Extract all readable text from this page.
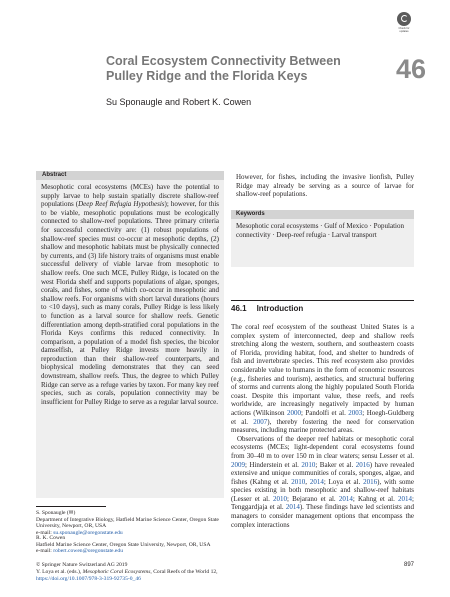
Check for
updates
46
Coral Ecosystem Connectivity Between Pulley Ridge and the Florida Keys
Su Sponaugle and Robert K. Cowen
Abstract

Mesophotic coral ecosystems (MCEs) have the potential to supply larvae to help sustain spatially discrete shallow-reef populations (Deep Reef Refugia Hypothesis); however, for this to be viable, mesophotic populations must be ecologically connected to shallow-reef populations. Three primary criteria for successful connectivity are: (1) robust populations of shallow-reef species must co-occur at mesophotic depths, (2) shallow and mesophotic habitats must be physically connected by currents, and (3) life history traits of organisms must enable successful delivery of viable larvae from mesophotic to shallow reefs. One such MCE, Pulley Ridge, is located on the west Florida shelf and supports populations of algae, sponges, corals, and fishes, some of which co-occur in mesophotic and shallow reefs. For organisms with short larval durations (hours to <10 days), such as many corals, Pulley Ridge is less likely to function as a larval source for shallow reefs. Genetic differentiation among depth-stratified coral populations in the Florida Keys confirms this reduced connectivity. In comparison, a population of a model fish species, the bicolor damselfish, at Pulley Ridge invests more heavily in reproduction than their shallow-reef counterparts, and biophysical modeling demonstrates that they can seed downstream, shallow reefs. Thus, the degree to which Pulley Ridge can serve as a refuge varies by taxon. For many key reef species, such as corals, population connectivity may be insufficient for Pulley Ridge to serve as a regular larval source.

However, for fishes, including the invasive lionfish, Pulley Ridge may already be serving as a source of larvae for shallow-reef populations.

Keywords
Mesophotic coral ecosystems · Gulf of Mexico · Population connectivity · Deep-reef refugia · Larval transport
46.1 Introduction

The coral reef ecosystem of the southeast United States is a complex system of interconnected, deep and shallow reefs stretching along the western, southern, and southeastern coasts of Florida, providing habitat, food, and shelter to hundreds of fish and invertebrate species. This reef ecosystem also provides considerable value to humans in the form of economic resources (e.g., fisheries and tourism), aesthetics, and structural buffering of storms and currents along the highly populated South Florida coast. Despite this important value, these reefs, and reefs worldwide, are increasingly negatively impacted by human actions (Wilkinson 2000; Pandolfi et al. 2003; Hoegh-Guldberg et al. 2007), thereby fostering the need for conservation measures, including marine protected areas.

Observations of the deeper reef habitats or mesophotic coral ecosystems (MCEs; light-dependent coral ecosystems found from 30–40 m to over 150 m in clear waters; sensu Lesser et al. 2009; Hinderstein et al. 2010; Baker et al. 2016) have revealed extensive and unique communities of corals, sponges, algae, and fishes (Kahng et al. 2010, 2014; Loya et al. 2016), with some species existing in both mesophotic and shallow-reef habitats (Lesser et al. 2010; Bejarano et al. 2014; Kahng et al. 2014; Tenggardjaja et al. 2014). These findings have led scientists and managers to consider management options that encompass the complex interactions

S. Sponaugle (✉)

Department of Integrative Biology, Hatfield Marine Science Center, Oregon State University, Newport, OR, USA

e-mail: su.sponaugle@oregonstate.edu

R. K. Cowen

Hatfield Marine Science Center, Oregon State University, Newport, OR, USA

e-mail: robert.cowen@oregonstate.edu

© Springer Nature Switzerland AG 2019

Y. Loya et al. (eds.), Mesophotic Coral Ecosystems, Coral Reefs of the World 12,

https://doi.org/10.1007/978-3-319-92735-0_46

897
